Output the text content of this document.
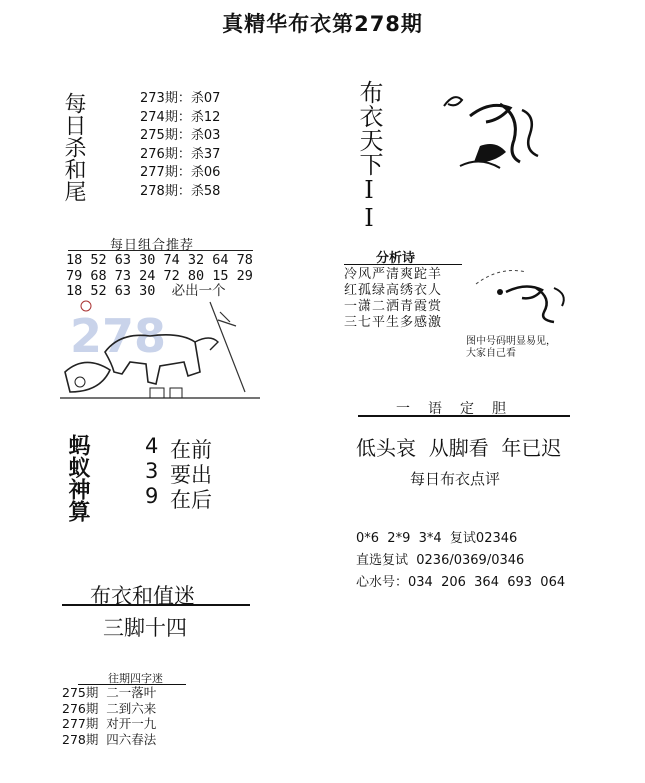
真精华布衣第278期
每日杀和尾	273期：杀07
274期：杀12
275期：杀03
276期：杀37
277期：杀06
278期：杀58
每日组合推荐
18 52 63 30 74 32 64 78
79 68 73 24 72 80 15 29
18 52 63 30  必出一个
278
蚂蚁神算	4 在前
3 要出
9 在后
布衣和值迷
三脚十四
往期四字迷
275期  二一落叶
276期  二到六来
277期  对开一九
278期  四六春法
布衣天下II
分析诗
冷风严清爽跎羊
红孤绿高绣衣人
一潇二洒青霞赏
三七平生多感激
图中号码明显易见，
大家自己看
一语定胆
低头哀  从脚看  年已迟
每日布衣点评
0*6  2*9  3*4  复试02346
直选复试  0236/0369/0346
心水号：034  206  364  693  064
